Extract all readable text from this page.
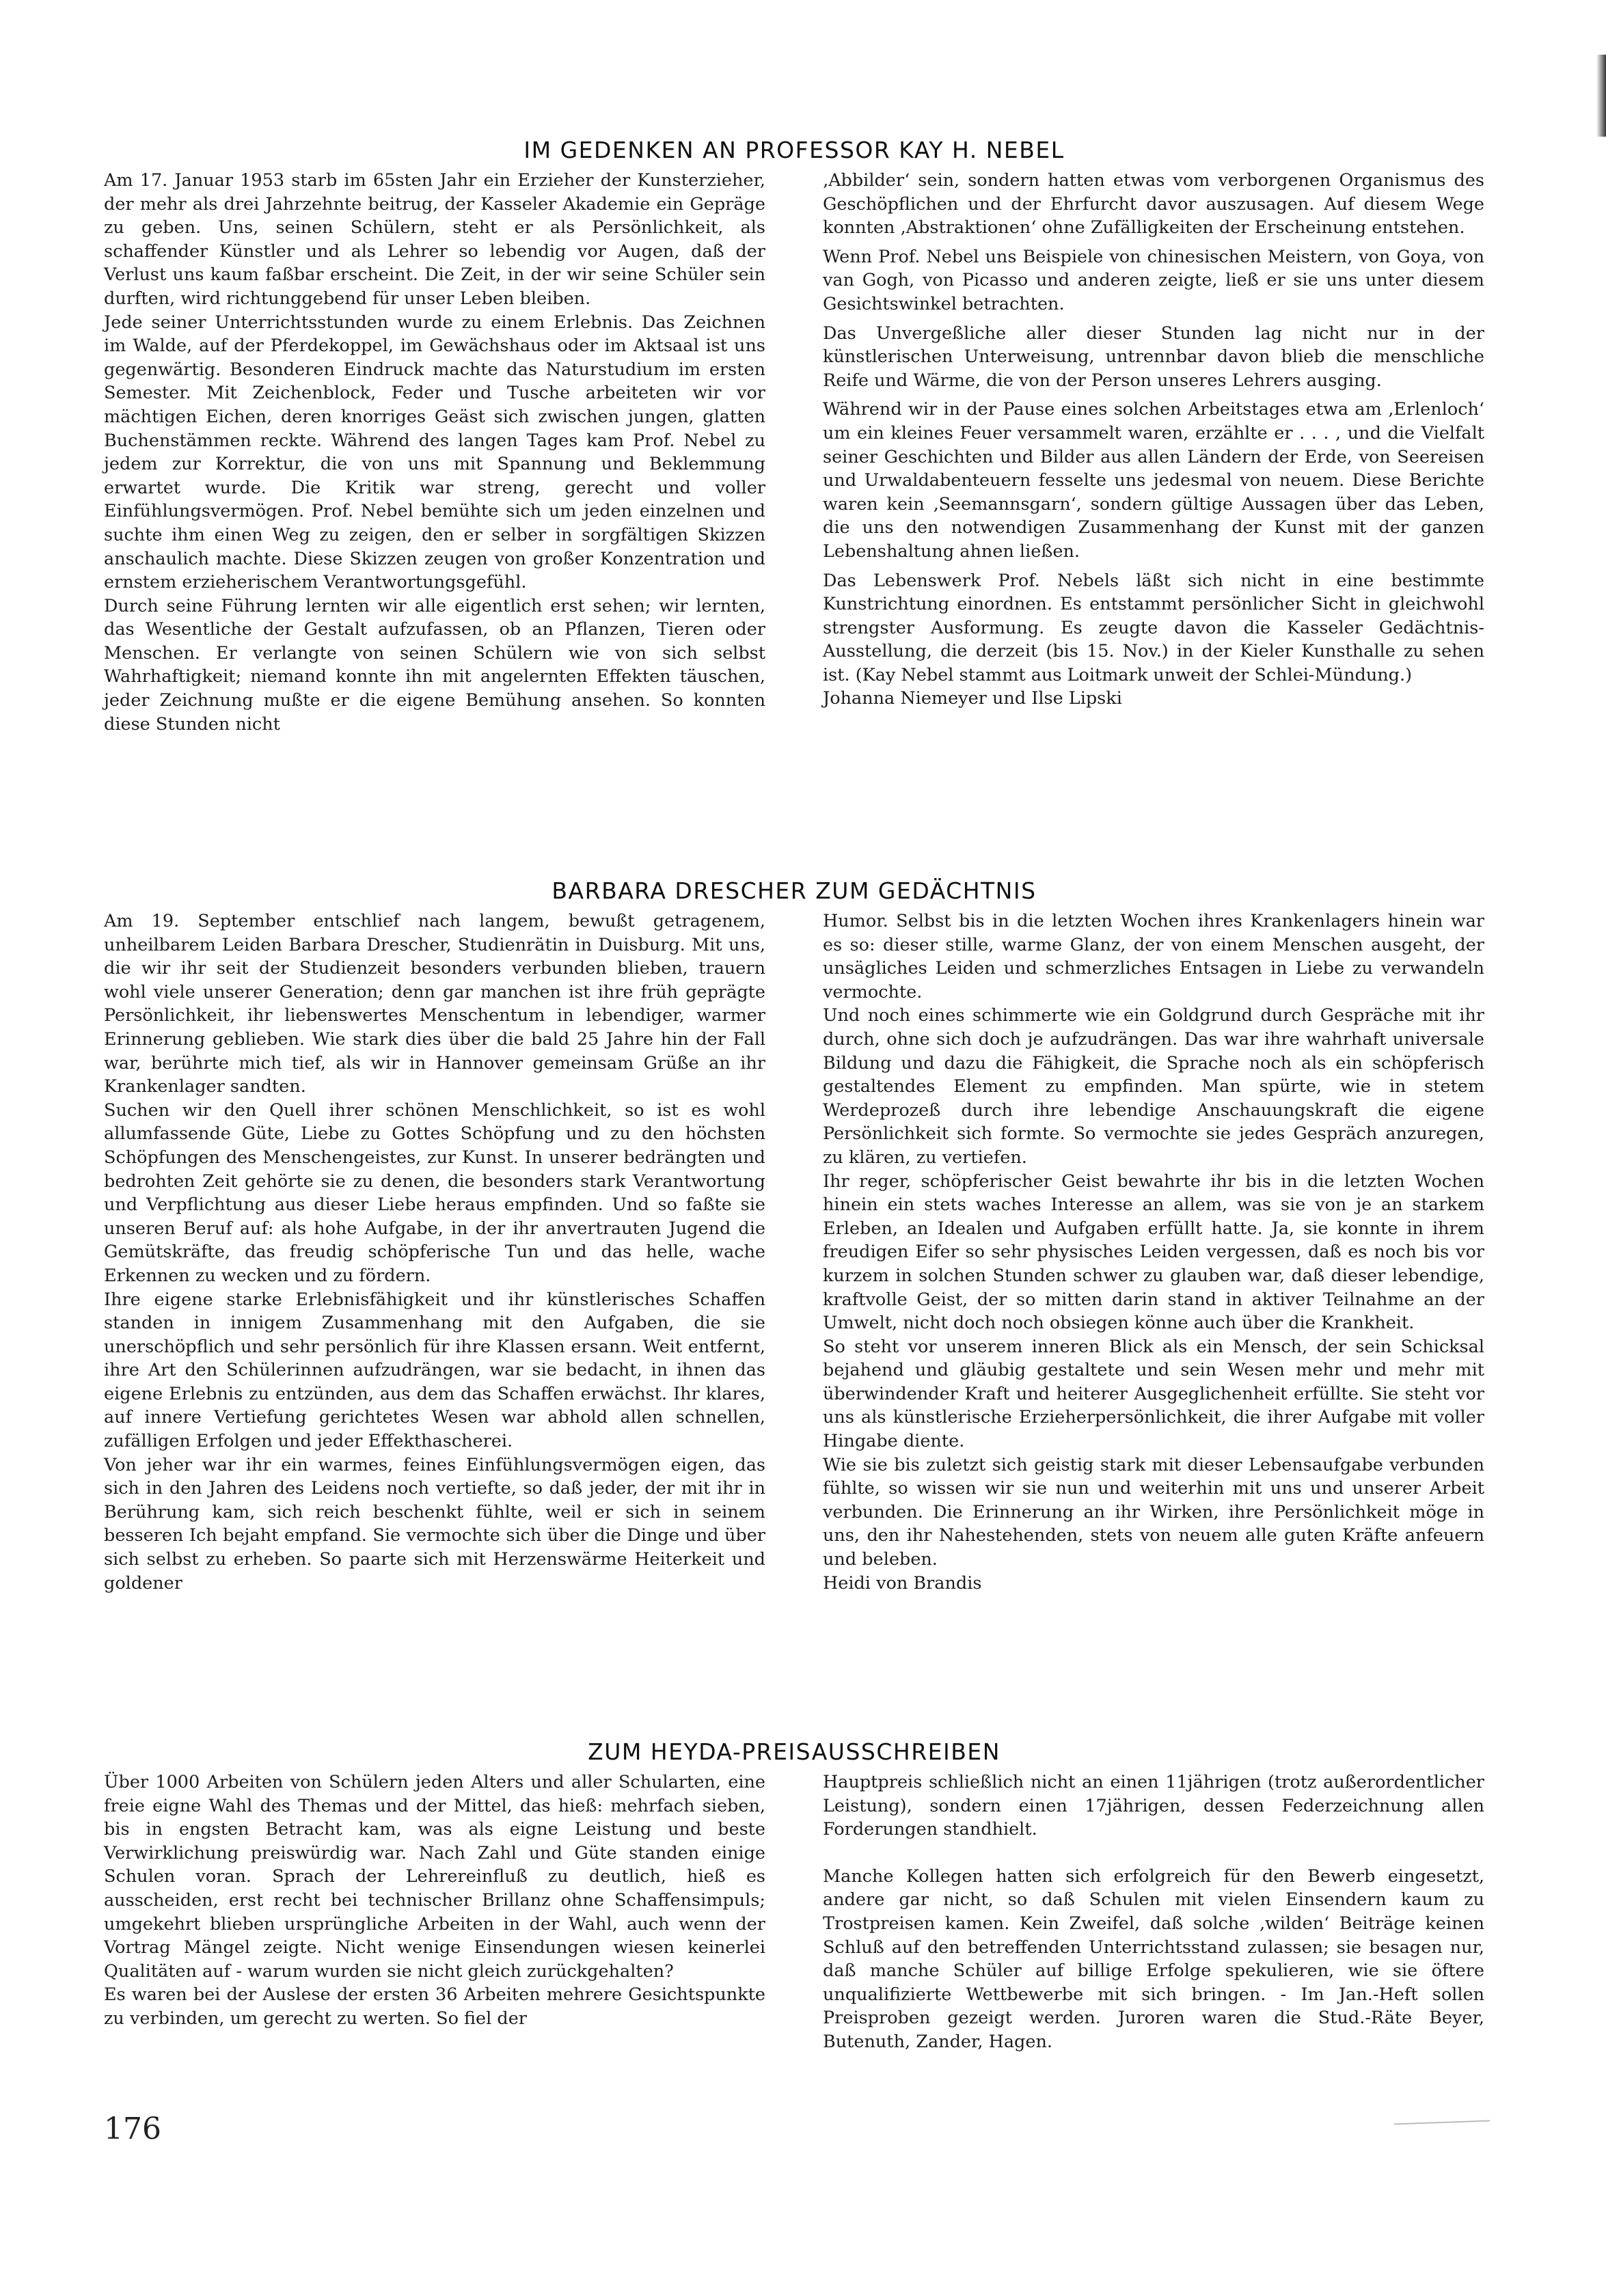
IM GEDENKEN AN PROFESSOR KAY H. NEBEL

Am 17. Januar 1953 starb im 65sten Jahr ein Erzieher der Kunsterzieher, der mehr als drei Jahrzehnte beitrug, der Kasseler Akademie ein Gepräge zu geben. Uns, seinen Schülern, steht er als Persönlichkeit, als schaffender Künstler und als Lehrer so lebendig vor Augen, daß der Verlust uns kaum faßbar erscheint. Die Zeit, in der wir seine Schüler sein durften, wird richtunggebend für unser Leben bleiben.

Jede seiner Unterrichtsstunden wurde zu einem Erlebnis. Das Zeichnen im Walde, auf der Pferdekoppel, im Gewächshaus oder im Aktsaal ist uns gegenwärtig. Besonderen Eindruck machte das Naturstudium im ersten Semester. Mit Zeichenblock, Feder und Tusche arbeiteten wir vor mächtigen Eichen, deren knorriges Geäst sich zwischen jungen, glatten Buchenstämmen reckte. Während des langen Tages kam Prof. Nebel zu jedem zur Korrektur, die von uns mit Spannung und Beklemmung erwartet wurde. Die Kritik war streng, gerecht und voller Einfühlungsvermögen. Prof. Nebel bemühte sich um jeden einzelnen und suchte ihm einen Weg zu zeigen, den er selber in sorgfältigen Skizzen anschaulich machte. Diese Skizzen zeugen von großer Konzentration und ernstem erzieherischem Verantwortungsgefühl.

Durch seine Führung lernten wir alle eigentlich erst sehen; wir lernten, das Wesentliche der Gestalt aufzufassen, ob an Pflanzen, Tieren oder Menschen. Er verlangte von seinen Schülern wie von sich selbst Wahrhaftigkeit; niemand konnte ihn mit angelernten Effekten täuschen, jeder Zeichnung mußte er die eigene Bemühung ansehen. So konnten diese Stunden nicht

‚Abbilder‘ sein, sondern hatten etwas vom verborgenen Organismus des Geschöpflichen und der Ehrfurcht davor auszusagen. Auf diesem Wege konnten ‚Abstraktionen‘ ohne Zufälligkeiten der Erscheinung entstehen.

Wenn Prof. Nebel uns Beispiele von chinesischen Meistern, von Goya, von van Gogh, von Picasso und anderen zeigte, ließ er sie uns unter diesem Gesichtswinkel betrachten.

Das Unvergeßliche aller dieser Stunden lag nicht nur in der künstlerischen Unterweisung, untrennbar davon blieb die menschliche Reife und Wärme, die von der Person unseres Lehrers ausging.

Während wir in der Pause eines solchen Arbeitstages etwa am ‚Erlenloch‘ um ein kleines Feuer versammelt waren, erzählte er . . . , und die Vielfalt seiner Geschichten und Bilder aus allen Ländern der Erde, von Seereisen und Urwaldabenteuern fesselte uns jedesmal von neuem. Diese Berichte waren kein ‚Seemannsgarn‘, sondern gültige Aussagen über das Leben, die uns den notwendigen Zusammenhang der Kunst mit der ganzen Lebenshaltung ahnen ließen.

Das Lebenswerk Prof. Nebels läßt sich nicht in eine bestimmte Kunstrichtung einordnen. Es entstammt persönlicher Sicht in gleichwohl strengster Ausformung. Es zeugte davon die Kasseler Gedächtnis-Ausstellung, die derzeit (bis 15. Nov.) in der Kieler Kunsthalle zu sehen ist. (Kay Nebel stammt aus Loitmark unweit der Schlei-Mündung.)

Johanna Niemeyer und Ilse Lipski

BARBARA DRESCHER ZUM GEDÄCHTNIS

Am 19. September entschlief nach langem, bewußt getragenem, unheilbarem Leiden Barbara Drescher, Studienrätin in Duisburg. Mit uns, die wir ihr seit der Studienzeit besonders verbunden blieben, trauern wohl viele unserer Generation; denn gar manchen ist ihre früh geprägte Persönlichkeit, ihr liebenswertes Menschentum in lebendiger, warmer Erinnerung geblieben. Wie stark dies über die bald 25 Jahre hin der Fall war, berührte mich tief, als wir in Hannover gemeinsam Grüße an ihr Krankenlager sandten.

Suchen wir den Quell ihrer schönen Menschlichkeit, so ist es wohl allumfassende Güte, Liebe zu Gottes Schöpfung und zu den höchsten Schöpfungen des Menschengeistes, zur Kunst. In unserer bedrängten und bedrohten Zeit gehörte sie zu denen, die besonders stark Verantwortung und Verpflichtung aus dieser Liebe heraus empfinden. Und so faßte sie unseren Beruf auf: als hohe Aufgabe, in der ihr anvertrauten Jugend die Gemütskräfte, das freudig schöpferische Tun und das helle, wache Erkennen zu wecken und zu fördern.

Ihre eigene starke Erlebnisfähigkeit und ihr künstlerisches Schaffen standen in innigem Zusammenhang mit den Aufgaben, die sie unerschöpflich und sehr persönlich für ihre Klassen ersann. Weit entfernt, ihre Art den Schülerinnen aufzudrängen, war sie bedacht, in ihnen das eigene Erlebnis zu entzünden, aus dem das Schaffen erwächst. Ihr klares, auf innere Vertiefung gerichtetes Wesen war abhold allen schnellen, zufälligen Erfolgen und jeder Effekthascherei.

Von jeher war ihr ein warmes, feines Einfühlungsvermögen eigen, das sich in den Jahren des Leidens noch vertiefte, so daß jeder, der mit ihr in Berührung kam, sich reich beschenkt fühlte, weil er sich in seinem besseren Ich bejaht empfand. Sie vermochte sich über die Dinge und über sich selbst zu erheben. So paarte sich mit Herzenswärme Heiterkeit und goldener

Humor. Selbst bis in die letzten Wochen ihres Krankenlagers hinein war es so: dieser stille, warme Glanz, der von einem Menschen ausgeht, der unsägliches Leiden und schmerzliches Entsagen in Liebe zu verwandeln vermochte.

Und noch eines schimmerte wie ein Goldgrund durch Gespräche mit ihr durch, ohne sich doch je aufzudrängen. Das war ihre wahrhaft universale Bildung und dazu die Fähigkeit, die Sprache noch als ein schöpferisch gestaltendes Element zu empfinden. Man spürte, wie in stetem Werdeprozeß durch ihre lebendige Anschauungskraft die eigene Persönlichkeit sich formte. So vermochte sie jedes Gespräch anzuregen, zu klären, zu vertiefen.

Ihr reger, schöpferischer Geist bewahrte ihr bis in die letzten Wochen hinein ein stets waches Interesse an allem, was sie von je an starkem Erleben, an Idealen und Aufgaben erfüllt hatte. Ja, sie konnte in ihrem freudigen Eifer so sehr physisches Leiden vergessen, daß es noch bis vor kurzem in solchen Stunden schwer zu glauben war, daß dieser lebendige, kraftvolle Geist, der so mitten darin stand in aktiver Teilnahme an der Umwelt, nicht doch noch obsiegen könne auch über die Krankheit.

So steht vor unserem inneren Blick als ein Mensch, der sein Schicksal bejahend und gläubig gestaltete und sein Wesen mehr und mehr mit überwindender Kraft und heiterer Ausgeglichenheit erfüllte. Sie steht vor uns als künstlerische Erzieherpersönlichkeit, die ihrer Aufgabe mit voller Hingabe diente.

Wie sie bis zuletzt sich geistig stark mit dieser Lebensaufgabe verbunden fühlte, so wissen wir sie nun und weiterhin mit uns und unserer Arbeit verbunden. Die Erinnerung an ihr Wirken, ihre Persönlichkeit möge in uns, den ihr Nahestehenden, stets von neuem alle guten Kräfte anfeuern und beleben.

Heidi von Brandis

ZUM HEYDA-PREISAUSSCHREIBEN

Über 1000 Arbeiten von Schülern jeden Alters und aller Schularten, eine freie eigne Wahl des Themas und der Mittel, das hieß: mehrfach sieben, bis in engsten Betracht kam, was als eigne Leistung und beste Verwirklichung preiswürdig war. Nach Zahl und Güte standen einige Schulen voran. Sprach der Lehrereinfluß zu deutlich, hieß es ausscheiden, erst recht bei technischer Brillanz ohne Schaffensimpuls; umgekehrt blieben ursprüngliche Arbeiten in der Wahl, auch wenn der Vortrag Mängel zeigte. Nicht wenige Einsendungen wiesen keinerlei Qualitäten auf - warum wurden sie nicht gleich zurückgehalten?

Es waren bei der Auslese der ersten 36 Arbeiten mehrere Gesichtspunkte zu verbinden, um gerecht zu werten. So fiel der

Hauptpreis schließlich nicht an einen 11jährigen (trotz außerordentlicher Leistung), sondern einen 17jährigen, dessen Federzeichnung allen Forderungen standhielt.

Manche Kollegen hatten sich erfolgreich für den Bewerb eingesetzt, andere gar nicht, so daß Schulen mit vielen Einsendern kaum zu Trostpreisen kamen. Kein Zweifel, daß solche ‚wilden‘ Beiträge keinen Schluß auf den betreffenden Unterrichtsstand zulassen; sie besagen nur, daß manche Schüler auf billige Erfolge spekulieren, wie sie öftere unqualifizierte Wettbewerbe mit sich bringen. - Im Jan.-Heft sollen Preisproben gezeigt werden. Juroren waren die Stud.-Räte Beyer, Butenuth, Zander, Hagen.

176
